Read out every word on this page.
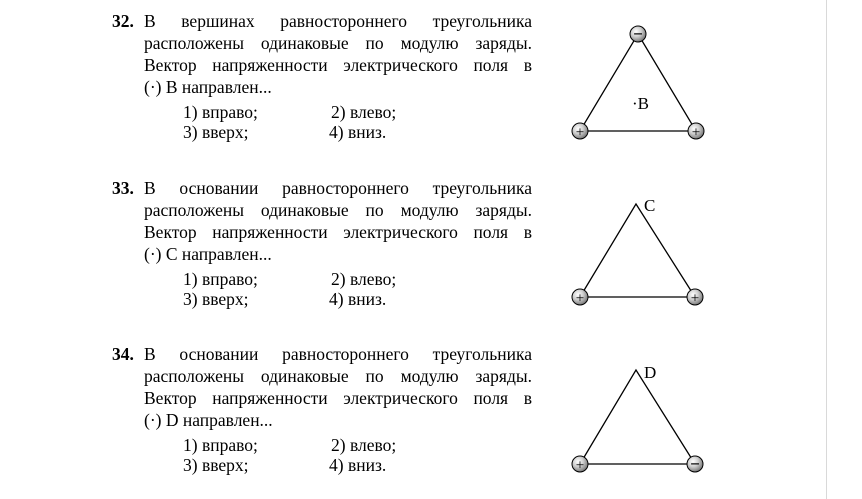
32. В вершинах равностороннего треугольника
расположены одинаковые по модулю заряды.
Вектор напряженности электрического поля в
(·) B направлен...
1) вправо;	2) влево;
3) вверх;	4) вниз.
−
+	+
·B
33. В основании равностороннего треугольника
расположены одинаковые по модулю заряды.
Вектор напряженности электрического поля в
(·) C направлен...
1) вправо;	2) влево;
3) вверх;	4) вниз.	+	+
C
34. В основании равностороннего треугольника
расположены одинаковые по модулю заряды.
Вектор напряженности электрического поля в
(·) D направлен...
1) вправо;	2) влево;
3) вверх;	4) вниз.	+	−
D
